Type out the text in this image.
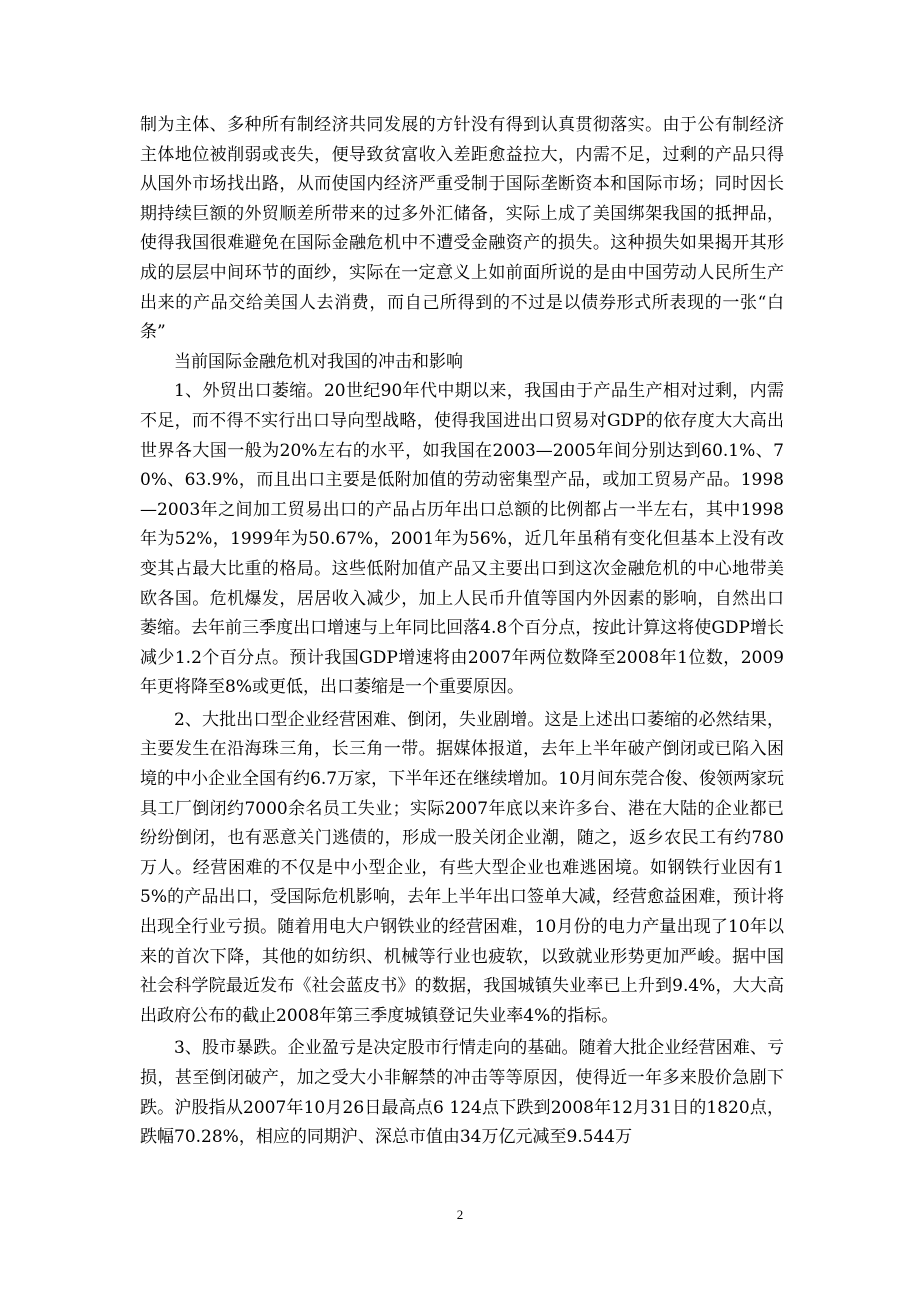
制为主体、多种所有制经济共同发展的方针没有得到认真贯彻落实。由于公有制经济主体地位被削弱或丧失，便导致贫富收入差距愈益拉大，内需不足，过剩的产品只得从国外市场找出路，从而使国内经济严重受制于国际垄断资本和国际市场；同时因长期持续巨额的外贸顺差所带来的过多外汇储备，实际上成了美国绑架我国的抵押品，使得我国很难避免在国际金融危机中不遭受金融资产的损失。这种损失如果揭开其形成的层层中间环节的面纱，实际在一定意义上如前面所说的是由中国劳动人民所生产出来的产品交给美国人去消费，而自己所得到的不过是以债券形式所表现的一张“白条”

当前国际金融危机对我国的冲击和影响

1、外贸出口萎缩。20世纪90年代中期以来，我国由于产品生产相对过剩，内需不足，而不得不实行出口导向型战略，使得我国进出口贸易对GDP的依存度大大高出世界各大国一般为20%左右的水平，如我国在2003—2005年间分别达到60.1%、70%、63.9%，而且出口主要是低附加值的劳动密集型产品，或加工贸易产品。1998—2003年之间加工贸易出口的产品占历年出口总额的比例都占一半左右，其中1998年为52%，1999年为50.67%，2001年为56%，近几年虽稍有变化但基本上没有改变其占最大比重的格局。这些低附加值产品又主要出口到这次金融危机的中心地带美欧各国。危机爆发，居居收入减少，加上人民币升值等国内外因素的影响，自然出口萎缩。去年前三季度出口增速与上年同比回落4.8个百分点，按此计算这将使GDP增长减少1.2个百分点。预计我国GDP增速将由2007年两位数降至2008年1位数，2009年更将降至8%或更低，出口萎缩是一个重要原因。

2、大批出口型企业经营困难、倒闭，失业剧增。这是上述出口萎缩的必然结果，主要发生在沿海珠三角，长三角一带。据媒体报道，去年上半年破产倒闭或已陷入困境的中小企业全国有约6.7万家，下半年还在继续增加。10月间东莞合俊、俊领两家玩具工厂倒闭约7000余名员工失业；实际2007年底以来许多台、港在大陆的企业都已纷纷倒闭，也有恶意关门逃债的，形成一股关闭企业潮，随之，返乡农民工有约780万人。经营困难的不仅是中小型企业，有些大型企业也难逃困境。如钢铁行业因有15%的产品出口，受国际危机影响，去年上半年出口签单大减，经营愈益困难，预计将出现全行业亏损。随着用电大户钢铁业的经营困难，10月份的电力产量出现了10年以来的首次下降，其他的如纺织、机械等行业也疲软，以致就业形势更加严峻。据中国社会科学院最近发布《社会蓝皮书》的数据，我国城镇失业率已上升到9.4%，大大高出政府公布的截止2008年第三季度城镇登记失业率4%的指标。

3、股市暴跌。企业盈亏是决定股市行情走向的基础。随着大批企业经营困难、亏损，甚至倒闭破产，加之受大小非解禁的冲击等等原因，使得近一年多来股价急剧下跌。沪股指从2007年10月26日最高点6 124点下跌到2008年12月31日的1820点，跌幅70.28%，相应的同期沪、深总市值由34万亿元减至9.544万

2
